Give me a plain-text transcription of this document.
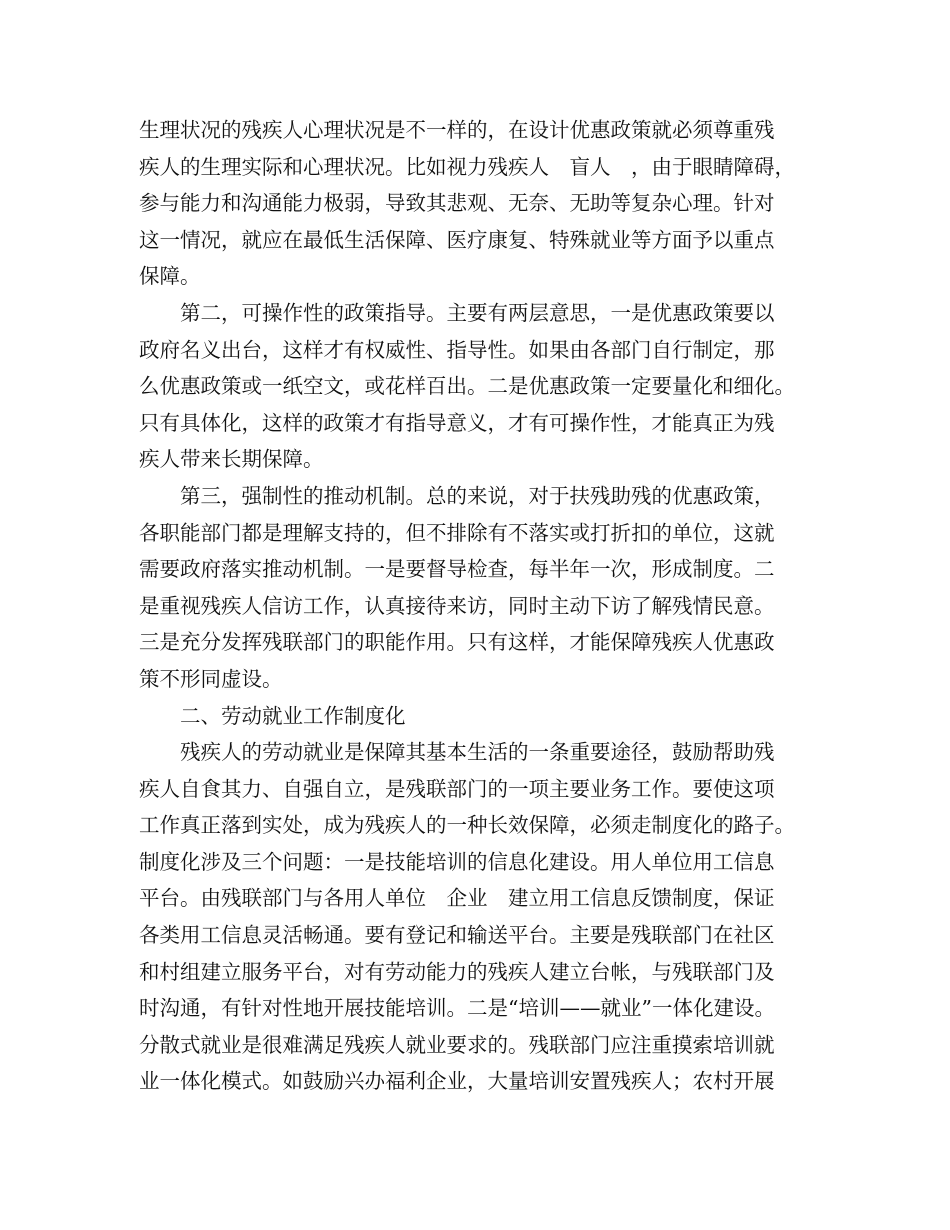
生理状况的残疾人心理状况是不一样的，在设计优惠政策就必须尊重残
疾人的生理实际和心理状况。比如视力残疾人　盲人　，由于眼睛障碍，
参与能力和沟通能力极弱，导致其悲观、无奈、无助等复杂心理。针对
这一情况，就应在最低生活保障、医疗康复、特殊就业等方面予以重点
保障。
第二，可操作性的政策指导。主要有两层意思，一是优惠政策要以
政府名义出台，这样才有权威性、指导性。如果由各部门自行制定，那
么优惠政策或一纸空文，或花样百出。二是优惠政策一定要量化和细化。
只有具体化，这样的政策才有指导意义，才有可操作性，才能真正为残
疾人带来长期保障。
第三，强制性的推动机制。总的来说，对于扶残助残的优惠政策，
各职能部门都是理解支持的，但不排除有不落实或打折扣的单位，这就
需要政府落实推动机制。一是要督导检查，每半年一次，形成制度。二
是重视残疾人信访工作，认真接待来访，同时主动下访了解残情民意。
三是充分发挥残联部门的职能作用。只有这样，才能保障残疾人优惠政
策不形同虚设。
二、劳动就业工作制度化
残疾人的劳动就业是保障其基本生活的一条重要途径，鼓励帮助残
疾人自食其力、自强自立，是残联部门的一项主要业务工作。要使这项
工作真正落到实处，成为残疾人的一种长效保障，必须走制度化的路子。
制度化涉及三个问题：一是技能培训的信息化建设。用人单位用工信息
平台。由残联部门与各用人单位　企业　建立用工信息反馈制度，保证
各类用工信息灵活畅通。要有登记和输送平台。主要是残联部门在社区
和村组建立服务平台，对有劳动能力的残疾人建立台帐，与残联部门及
时沟通，有针对性地开展技能培训。二是“培训——就业”一体化建设。
分散式就业是很难满足残疾人就业要求的。残联部门应注重摸索培训就
业一体化模式。如鼓励兴办福利企业，大量培训安置残疾人；农村开展
